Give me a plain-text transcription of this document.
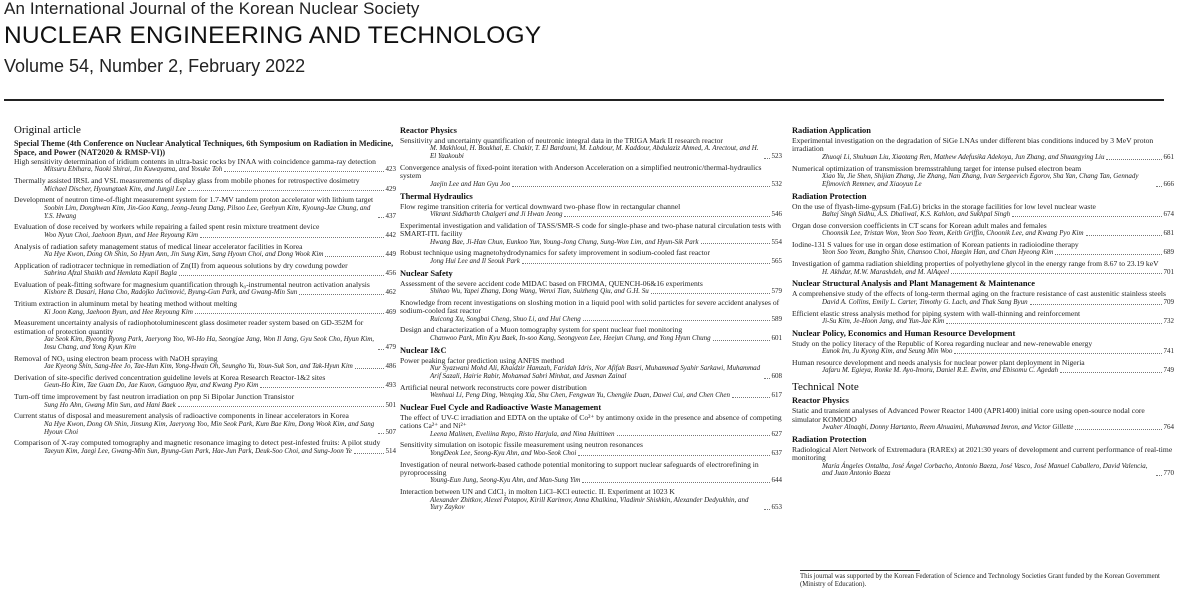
An International Journal of the Korean Nuclear Society
NUCLEAR ENGINEERING AND TECHNOLOGY
Volume 54, Number 2, February 2022
Original article
Special Theme (4th Conference on Nuclear Analytical Techniques, 6th Symposium on Radiation in Medicine, Space, and Power (NAT2020 & RMSP-VI))
High sensitivity determination of iridium contents in ultra-basic rocks by INAA with coincidence gamma-ray detection
Mitsuru Ebihara, Naoki Shirai, Jin Kuwayama, and Yosuke Toh	423
Thermally assisted IRSL and VSL measurements of display glass from mobile phones for retrospective dosimetry
Michael Discher, Hyoungtaek Kim, and Jungil Lee	429
Development of neutron time-of-flight measurement system for 1.7-MV tandem proton accelerator with lithium target
Soobin Lim, Donghwan Kim, Jin-Goo Kang, Jeong-Jeung Dang, Pilsoo Lee, Geehyun Kim, Kyoung-Jae Chung, and Y.S. Hwang	437
Evaluation of dose received by workers while repairing a failed spent resin mixture treatment device
Woo Nyun Choi, Jaehoon Byun, and Hee Reyoung Kim	442
Analysis of radiation safety management status of medical linear accelerator facilities in Korea
Na Hye Kwon, Dong Oh Shin, So Hyun Ann, Jin Sung Kim, Sang Hyoun Choi, and Dong Wook Kim	449
Application of radiotracer technique in remediation of Zn(II) from aqueous solutions by dry cowdung powder
Sabrina Afzal Shaikh and Hemlata Kapil Bagla	456
Evaluation of peak-fitting software for magnesium quantification through k₀-instrumental neutron activation analysis
Kishore B. Dasari, Hana Cho, Radojko Jaćimović, Byung-Gun Park, and Gwang-Min Sun	462
Tritium extraction in aluminum metal by heating method without melting
Ki Joon Kang, Jaehoon Byun, and Hee Reyoung Kim	469
Measurement uncertainty analysis of radiophotoluminescent glass dosimeter reader system based on GD-352M for estimation of protection quantity
Jae Seok Kim, Byeong Ryong Park, Jaeryong Yoo, Wi-Ho Ha, Seongjae Jang, Won Il Jang, Gyu Seok Cho, Hyun Kim, Insu Chang, and Yong Kyun Kim	479
Removal of NOₓ using electron beam process with NaOH spraying
Jae Kyeong Shin, Sang-Hee Jo, Tae-Hun Kim, Yong-Hwan Oh, Seungho Yu, Youn-Suk Son, and Tak-Hyun Kim	486
Derivation of site-specific derived concentration guideline levels at Korea Research Reactor-1&2 sites
Geun-Ho Kim, Tae Guan Do, Jae Kuon, Ganguoo Ryu, and Kwang Pyo Kim	493
Turn-off time improvement by fast neutron irradiation on pnp Si Bipolar Junction Transistor
Sung Ho Ahn, Gwang Min Sun, and Hani Baek	501
Current status of disposal and measurement analysis of radioactive components in linear accelerators in Korea
Na Hye Kwon, Dong Oh Shin, Jinsung Kim, Jaeryong Yoo, Min Seok Park, Kum Bae Kim, Dong Wook Kim, and Sang Hyoun Choi	507
Comparison of X-ray computed tomography and magnetic resonance imaging to detect pest-infested fruits: A pilot study
Taeyun Kim, Jaegi Lee, Gwang-Min Sun, Byung-Gun Park, Hae-Jun Park, Deuk-Soo Choi, and Sung-Joon Ye	514
Reactor Physics
Sensitivity and uncertainty quantification of neutronic integral data in the TRIGA Mark II research reactor
M. Makhloul, H. Boukhal, E. Chakir, T. El Bardouni, M. Lahdour, M. Kaddour, Abdulaziz Ahmed, A. Arectout, and H. El Yaakoubi	523
Convergence analysis of fixed-point iteration with Anderson Acceleration on a simplified neutronic/thermal-hydraulics system
Jaejin Lee and Han Gyu Joo	532
Thermal Hydraulics
Flow regime transition criteria for vertical downward two-phase flow in rectangular channel
Vikrant Siddharth Chalgeri and Ji Hwan Jeong	546
Experimental investigation and validation of TASS/SMR-S code for single-phase and two-phase natural circulation tests with SMART-ITL facility
Hwang Bae, Ji-Han Chun, Eunkoo Yun, Young-Jong Chung, Sung-Won Lim, and Hyun-Sik Park	554
Robust technique using magnetohydrodynamics for safety improvement in sodium-cooled fast reactor
Jong Hui Lee and Il Seouk Park	565
Nuclear Safety
Assessment of the severe accident code MIDAC based on FROMA, QUENCH-06&16 experiments
Shihao Wu, Yapei Zhang, Dong Wang, Wenxi Tian, Suizheng Qiu, and G.H. Su	579
Knowledge from recent investigations on sloshing motion in a liquid pool with solid particles for severe accident analyses of sodium-cooled fast reactor
Ruicong Xu, Songbai Cheng, Shuo Li, and Hui Cheng	589
Design and characterization of a Muon tomography system for spent nuclear fuel monitoring
Chanwoo Park, Min Kyu Baek, In-soo Kang, Seongyeon Lee, Heejun Chung, and Yong Hyun Chung	601
Nuclear I&C
Power peaking factor prediction using ANFIS method
Nur Syazwani Mohd Ali, Khaidzir Hamzah, Faridah Idris, Nor Afifah Basri, Muhammad Syahir Sarkawi, Muhammad Arif Sazali, Hairie Rabir, Mohamad Sabri Minhat, and Jasman Zainal	608
Artificial neural network reconstructs core power distribution
Wenhuai Li, Peng Ding, Wenqing Xia, Shu Chen, Fengwan Yu, Chengjie Duan, Dawei Cui, and Chen Chen	617
Nuclear Fuel Cycle and Radioactive Waste Management
The effect of UV-C irradiation and EDTA on the uptake of Co²⁺ by antimony oxide in the presence and absence of competing cations Ca²⁺ and Ni²⁺
Leena Malinen, Eveliina Repo, Risto Harjula, and Nina Huittinen	627
Sensitivity simulation on isotopic fissile measurement using neutron resonances
YongDeok Lee, Seong-Kyu Ahn, and Woo-Seok Choi	637
Investigation of neural network-based cathode potential monitoring to support nuclear safeguards of electrorefining in pyroprocessing
Young-Eun Jung, Seong-Kyu Ahn, and Man-Sung Yim	644
Interaction between UN and CdCl₂ in molten LiCl–KCl eutectic. II. Experiment at 1023 K
Alexander Zhitkov, Alexei Potapov, Kirill Karimov, Anna Khalkina, Vladimir Shishkin, Alexander Dedyukhin, and Yury Zaykov	653
Radiation Application
Experimental investigation on the degradation of SiGe LNAs under different bias conditions induced by 3 MeV proton irradiation
Zhuoqi Li, Shuhuan Liu, Xiaotang Ren, Mathew Adefusika Adekoya, Jun Zhang, and Shuangying Liu	661
Numerical optimization of transmission bremsstrahlung target for intense pulsed electron beam
Xiao Yu, Jie Shen, Shijian Zhang, Jie Zhang, Nan Zhang, Ivan Sergeevich Egorov, Sha Yan, Chang Tan, Gennady Efimovich Remnev, and Xiaoyun Le	666
Radiation Protection
On the use of flyash-lime-gypsum (FaLG) bricks in the storage facilities for low level nuclear waste
Baltej Singh Sidhu, A.S. Dhaliwal, K.S. Kahlon, and Sukhpal Singh	674
Organ dose conversion coefficients in CT scans for Korean adult males and females
Choonsik Lee, Tristan Won, Yeon Soo Yeom, Keith Griffin, Choonik Lee, and Kwang Pyo Kim	681
Iodine-131 S values for use in organ dose estimation of Korean patients in radioiodine therapy
Yeon Soo Yeom, Bangho Shin, Chansoo Choi, Haegin Han, and Chan Hyeong Kim	689
Investigation of gamma radiation shielding properties of polyethylene glycol in the energy range from 8.67 to 23.19 keV
H. Akhdar, M.W. Marashdeh, and M. AlAqeel	701
Nuclear Structural Analysis and Plant Management & Maintenance
A comprehensive study of the effects of long-term thermal aging on the fracture resistance of cast austenitic stainless steels
David A. Collins, Emily L. Carter, Timothy G. Lach, and Thak Sang Byun	709
Efficient elastic stress analysis method for piping system with wall-thinning and reinforcement
Ji-Su Kim, Je-Hoon Jang, and Yun-Jae Kim	732
Nuclear Policy, Economics and Human Resource Development
Study on the policy literacy of the Republic of Korea regarding nuclear and new-renewable energy
Eunok Im, Ju Kyong Kim, and Seung Min Woo	741
Human resource development and needs analysis for nuclear power plant deployment in Nigeria
Jafaru M. Egieya, Ronke M. Ayo-Imoru, Daniel R.E. Ewim, and Ebisomu C. Agedah	749
Technical Note
Reactor Physics
Static and transient analyses of Advanced Power Reactor 1400 (APR1400) initial core using open-source nodal core simulator KOMODO
Jwaher Alnaqbi, Donny Hartanto, Reem Alnuaimi, Muhammad Imron, and Victor Gillette	764
Radiation Protection
Radiological Alert Network of Extremadura (RAREx) at 2021:30 years of development and current performance of real-time monitoring
María Ángeles Ontalba, José Ángel Corbacho, Antonio Baeza, José Vasco, José Manuel Caballero, David Valencia, and Juan Antonio Baeza	770
This journal was supported by the Korean Federation of Science and Technology Societies Grant funded by the Korean Government (Ministry of Education).
